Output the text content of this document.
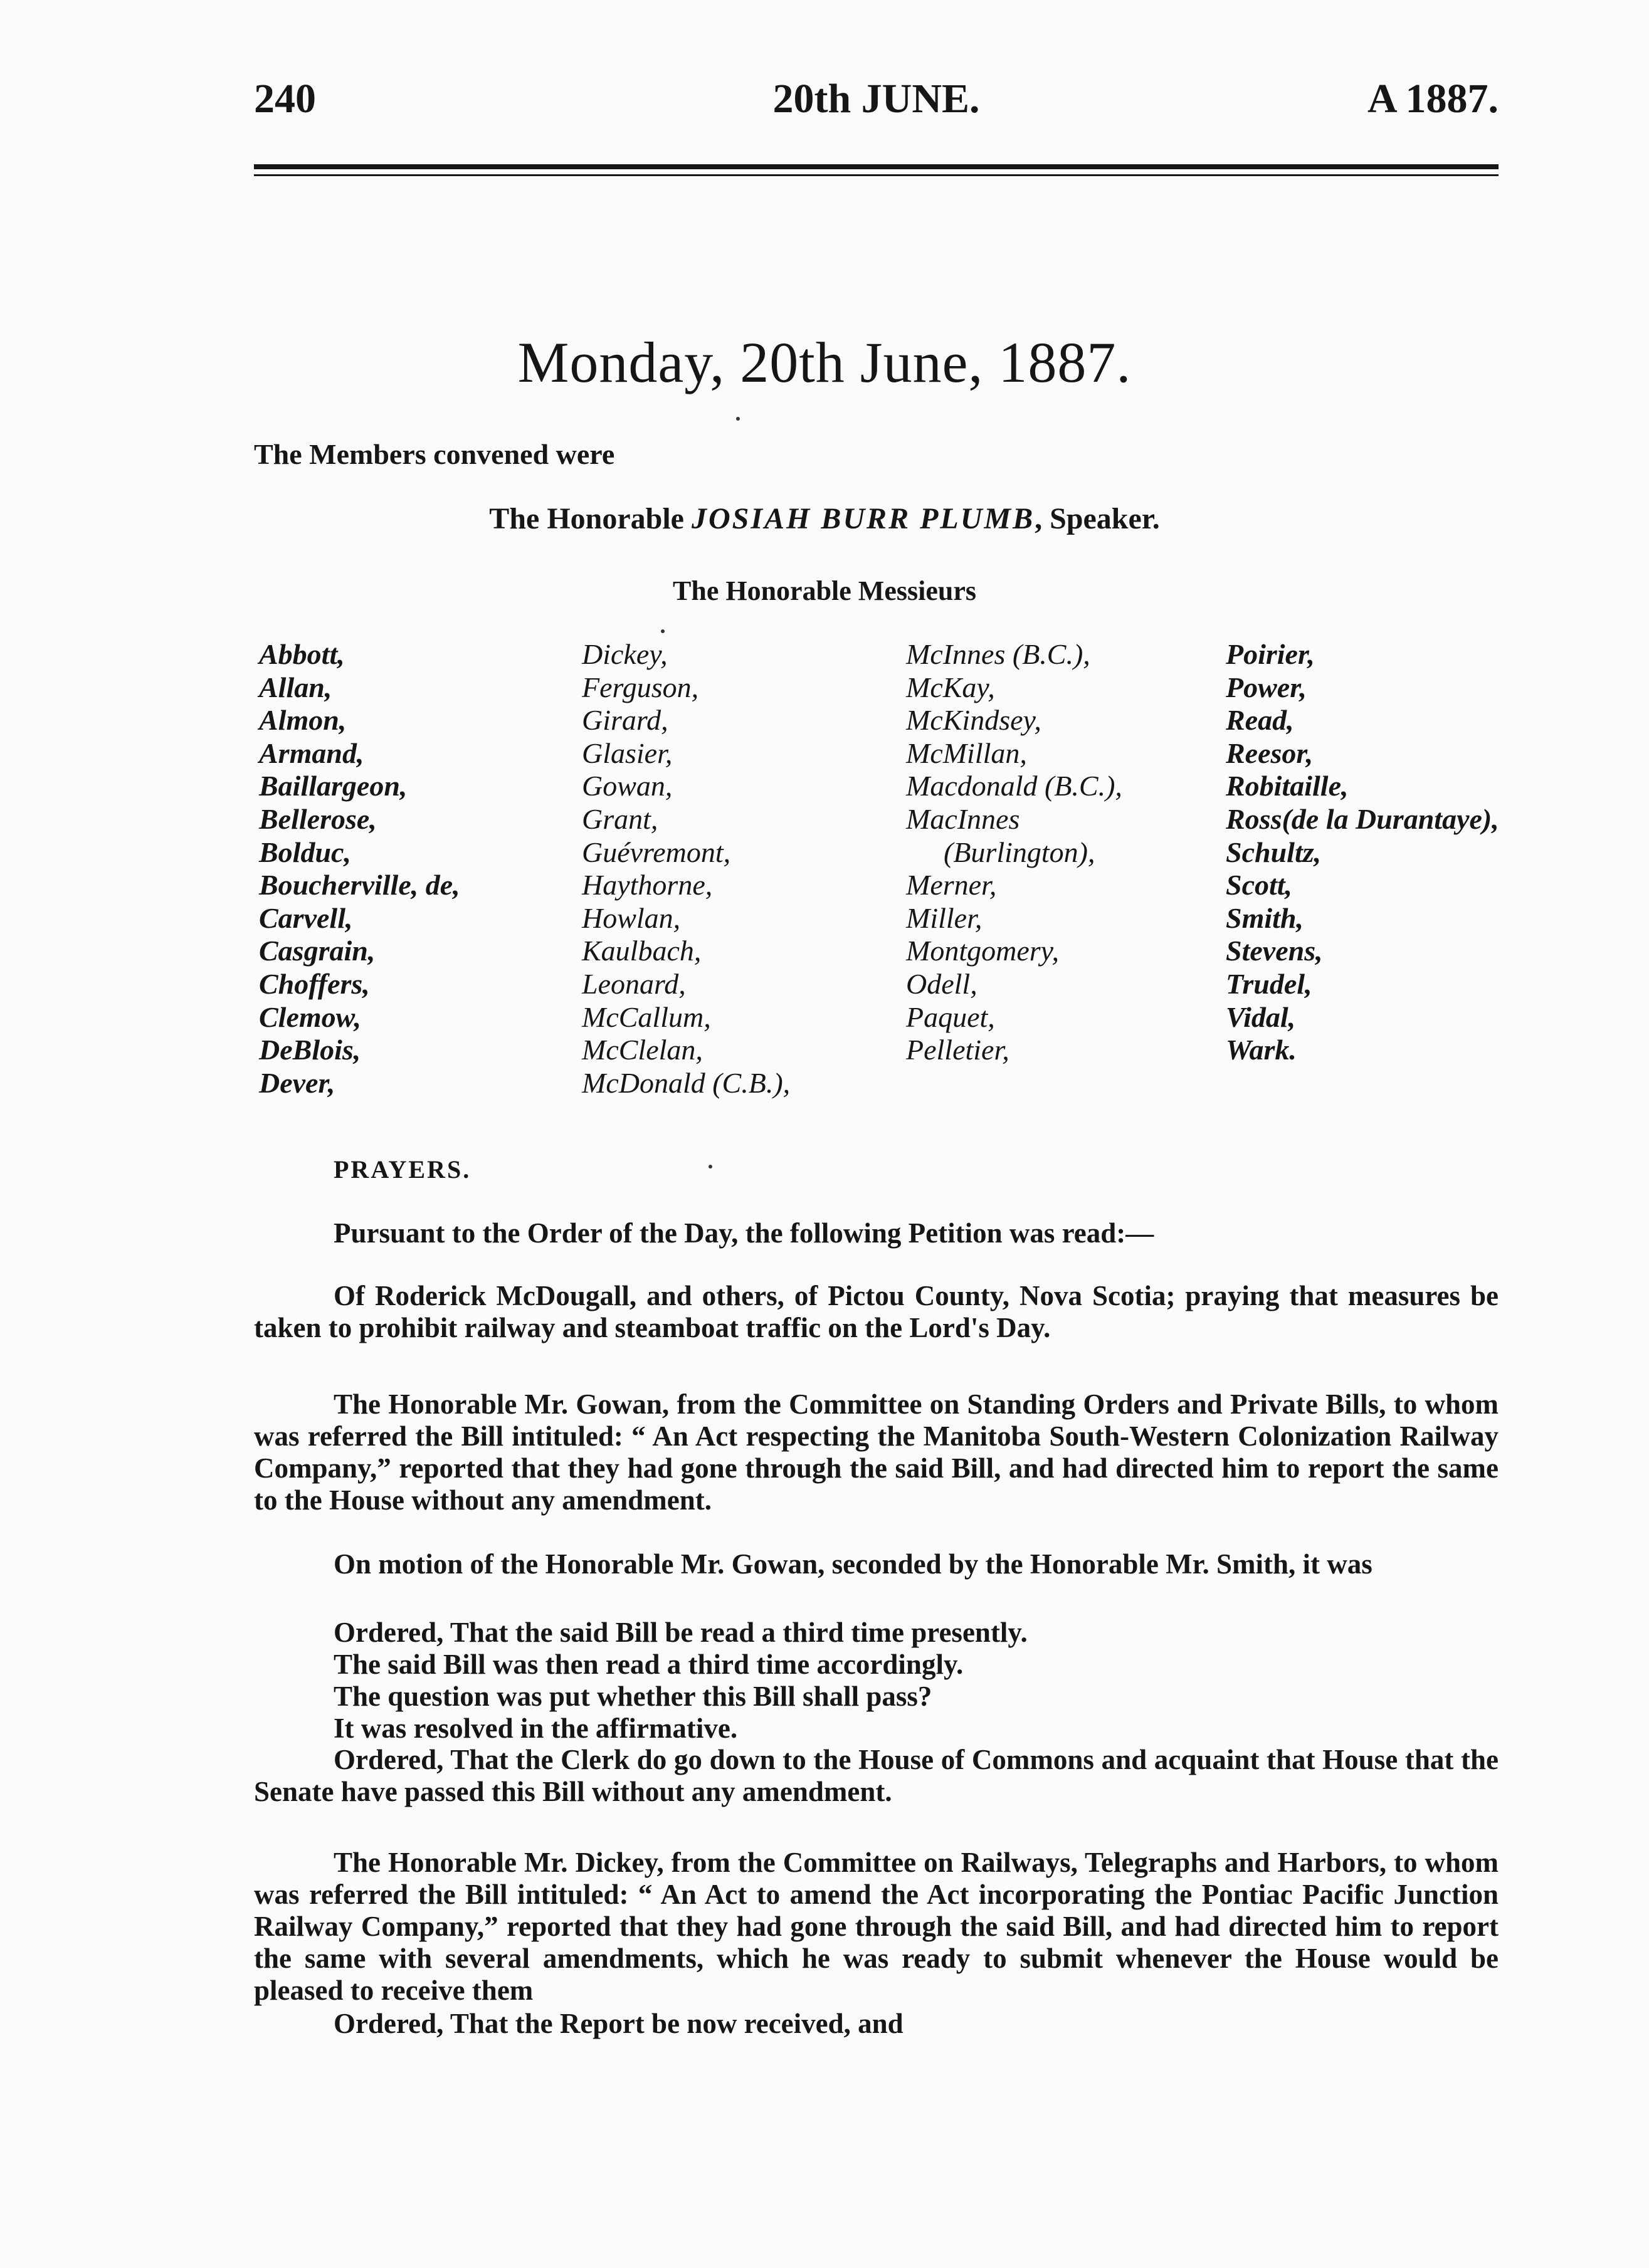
240	20th JUNE.	A 1887.
Monday, 20th June, 1887.
The Members convened were
The Honorable JOSIAH BURR PLUMB, Speaker.
The Honorable Messieurs
Abbott,
Allan,
Almon,
Armand,
Baillargeon,
Bellerose,
Bolduc,
Boucherville, de,
Carvell,
Casgrain,
Choffers,
Clemow,
DeBlois,
Dever,
Dickey,
Ferguson,
Girard,
Glasier,
Gowan,
Grant,
Guévremont,
Haythorne,
Howlan,
Kaulbach,
Leonard,
McCallum,
McClelan,
McDonald (C.B.),
McInnes (B.C.),
McKay,
McKindsey,
McMillan,
Macdonald (B.C.),
MacInnes
(Burlington),
Merner,
Miller,
Montgomery,
Odell,
Paquet,
Pelletier,
Poirier,
Power,
Read,
Reesor,
Robitaille,
Ross(de la Durantaye),
Schultz,
Scott,
Smith,
Stevens,
Trudel,
Vidal,
Wark.
PRAYERS.
Pursuant to the Order of the Day, the following Petition was read:—
Of Roderick McDougall, and others, of Pictou County, Nova Scotia; praying that measures be taken to prohibit railway and steamboat traffic on the Lord's Day.
The Honorable Mr. Gowan, from the Committee on Standing Orders and Private Bills, to whom was referred the Bill intituled: “ An Act respecting the Manitoba South-Western Colonization Railway Company,” reported that they had gone through the said Bill, and had directed him to report the same to the House without any amendment.
On motion of the Honorable Mr. Gowan, seconded by the Honorable Mr. Smith, it was
Ordered, That the said Bill be read a third time presently.
The said Bill was then read a third time accordingly.
The question was put whether this Bill shall pass?
It was resolved in the affirmative.
Ordered, That the Clerk do go down to the House of Commons and acquaint that House that the Senate have passed this Bill without any amendment.
The Honorable Mr. Dickey, from the Committee on Railways, Telegraphs and Harbors, to whom was referred the Bill intituled: “ An Act to amend the Act incorporating the Pontiac Pacific Junction Railway Company,” reported that they had gone through the said Bill, and had directed him to report the same with several amendments, which he was ready to submit whenever the House would be pleased to receive them
Ordered, That the Report be now received, and
